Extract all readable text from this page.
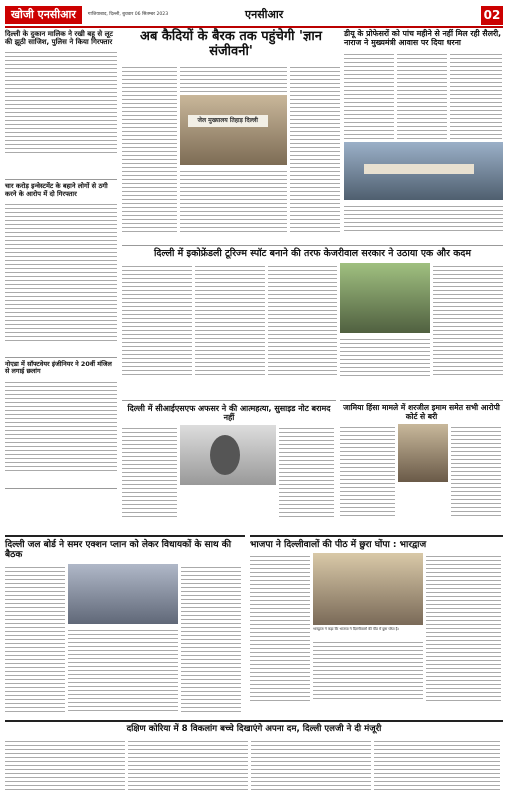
खोजी एनसीआर	गाजियाबाद, दिल्ली, बुधवार 06 सितम्बर 2023	एनसीआर	02
दिल्ली के दुकान मालिक ने रखी बहू से लूट की झूठी साजिश, पुलिस ने किया गिरफ्तार
चार करोड़ इन्वेस्टमेंट के बहाने लोगों से ठगी करने के आरोप में दो गिरफ्तार
नोएडा में सॉफ्टवेयर इंजीनियर ने 20वीं मंजिल से लगाई छलांग
अब कैदियों के बैरक तक पहुंचेगी 'ज्ञान संजीवनी'
जेल मुख्यालय तिहाड़ दिल्ली
डीयू के प्रोफेसरों को पांच महीने से नहीं मिल रही सैलरी, नाराज ने मुख्यमंत्री आवास पर दिया धरना
दिल्ली में इकोफ्रेंडली टूरिज्म स्पॉट बनाने की तरफ केजरीवाल सरकार ने उठाया एक और कदम
दिल्ली में सीआईएसएफ अफसर ने की आत्महत्या, सुसाइड नोट बरामद नहीं
जामिया हिंसा मामले में शरजील इमाम समेत सभी आरोपी कोर्ट से बरी
दिल्ली जल बोर्ड ने समर एक्शन प्लान को लेकर विधायकों के साथ की बैठक
भाजपा ने दिल्लीवालों की पीठ में छुरा घोंपा : भारद्वाज
भारद्वाज ने कहा कि भाजपा ने दिल्लीवालों की पीठ में छुरा घोंपा है।
दक्षिण कोरिया में 8 विकलांग बच्चे दिखाएंगे अपना दम, दिल्ली एलजी ने दी मंजूरी
